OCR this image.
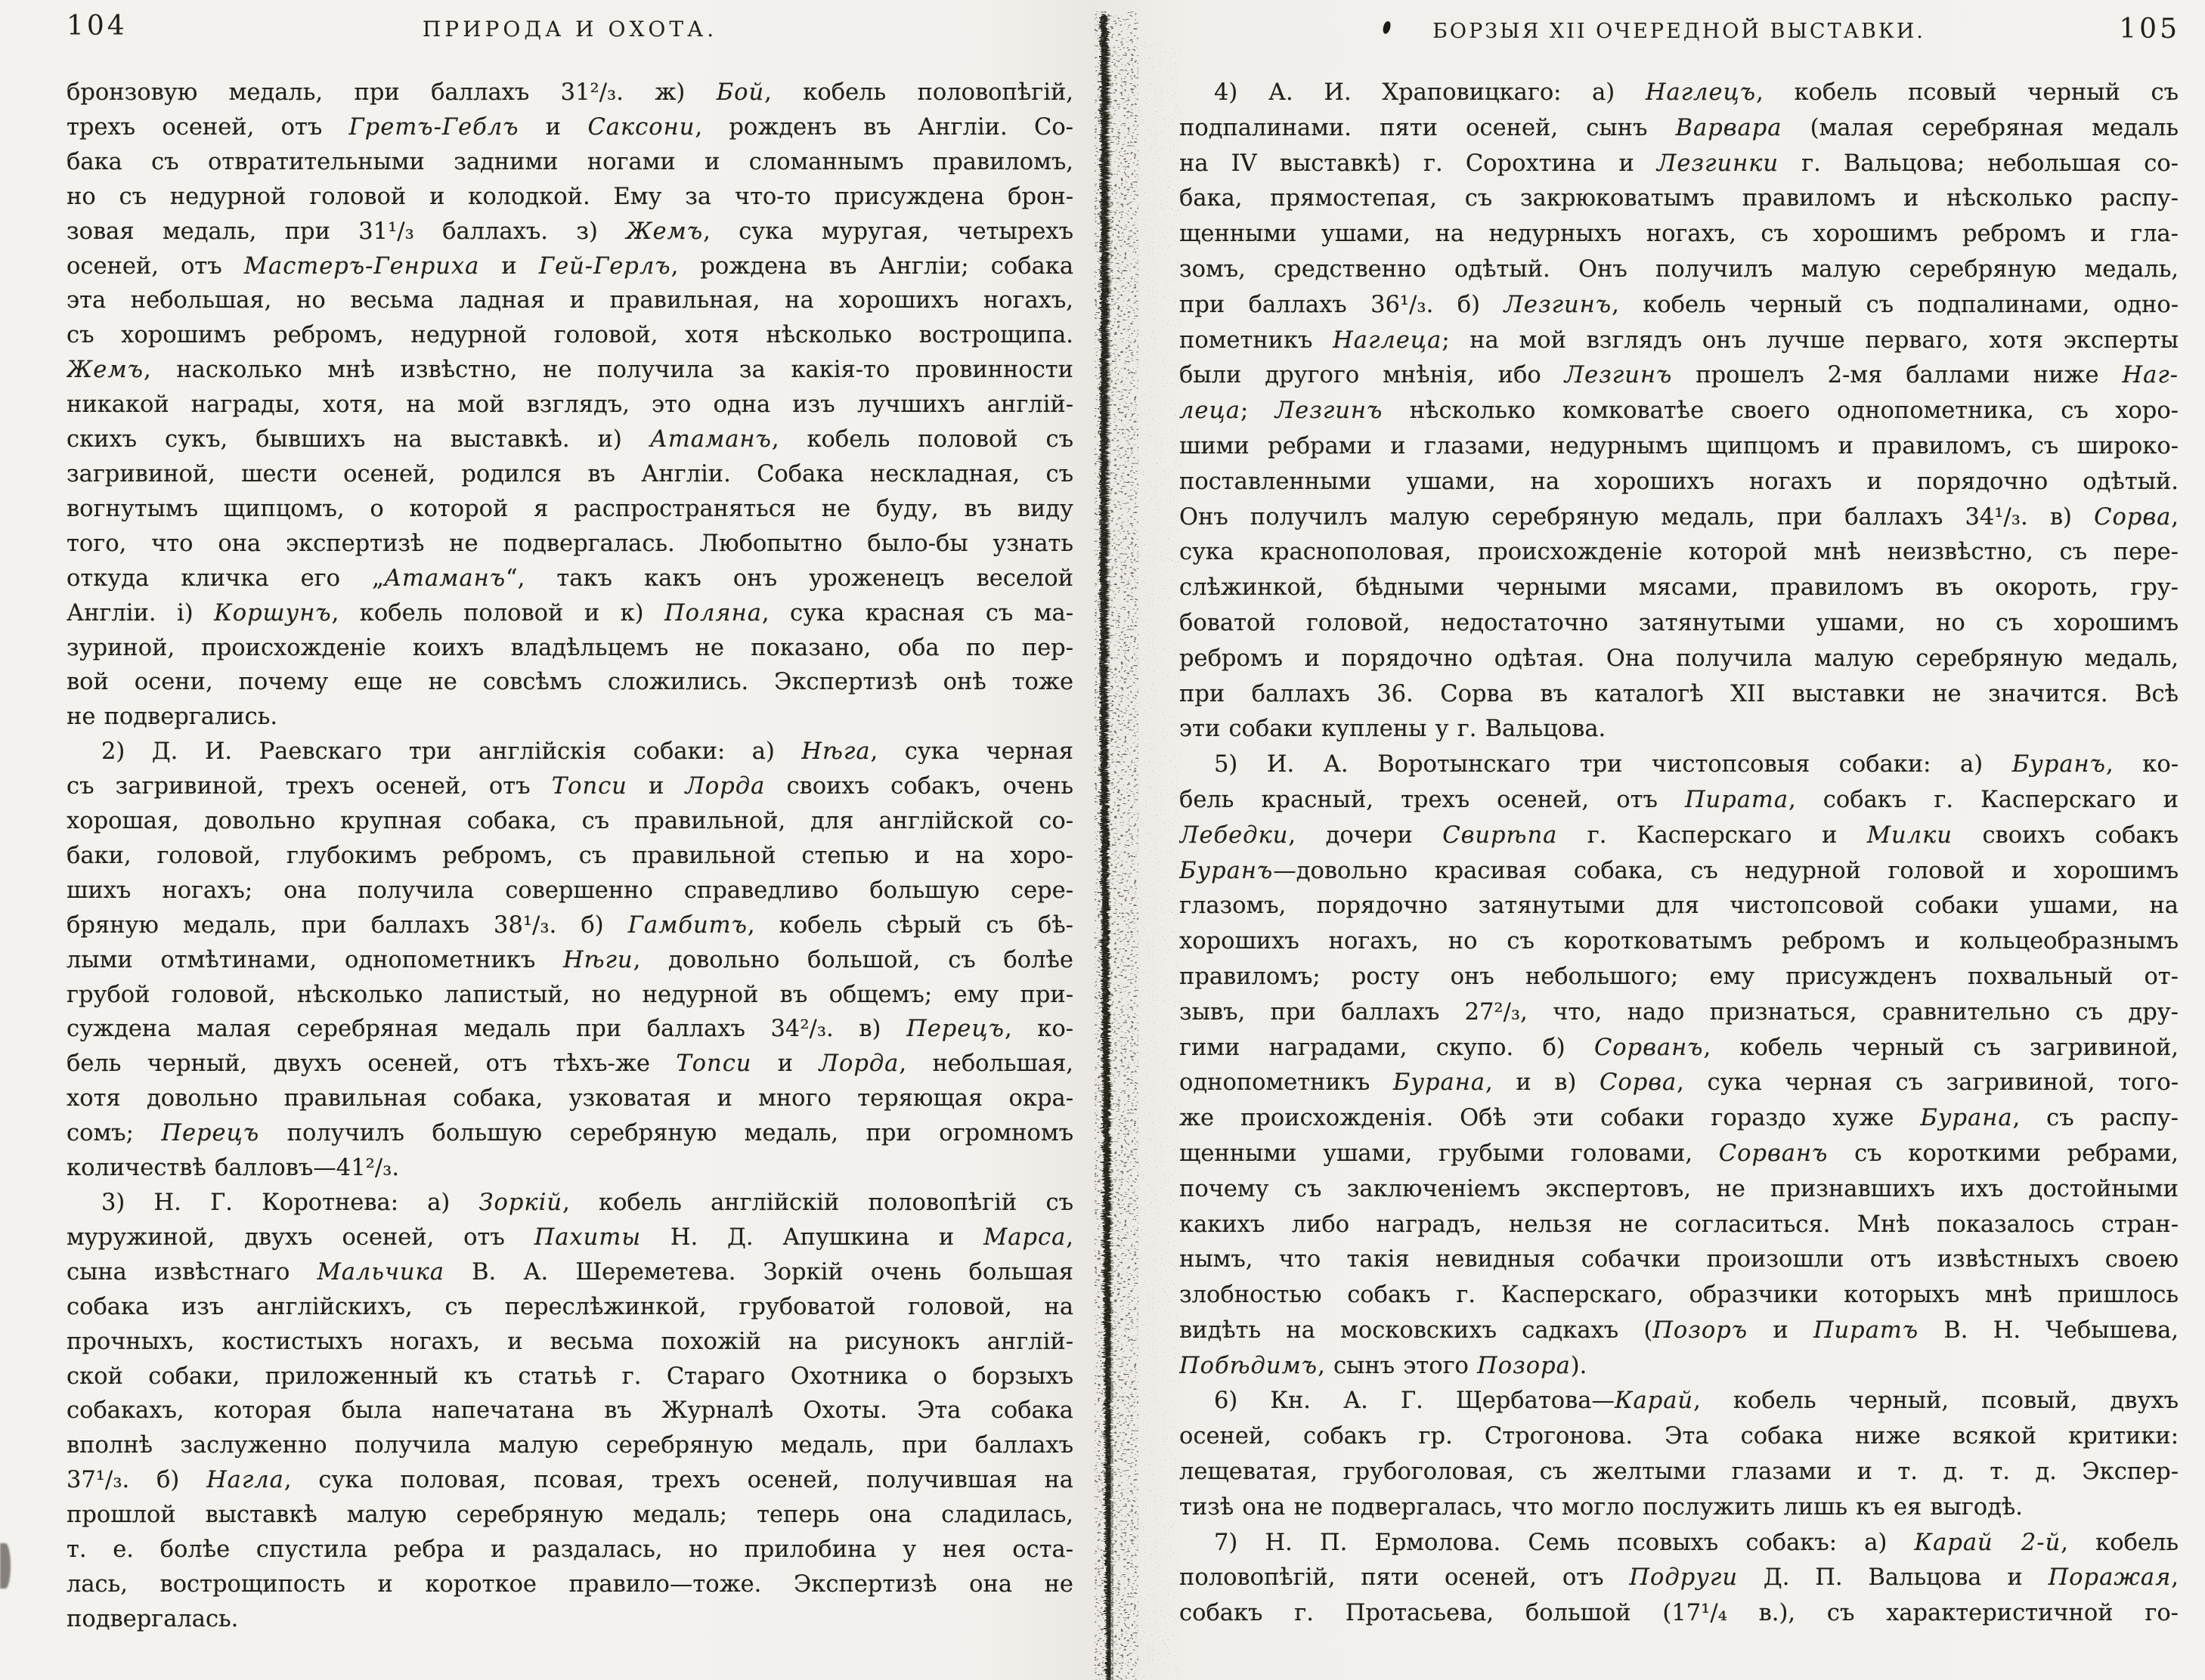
104	ПРИРОДА И ОХОТА.	БОРЗЫЯ XII ОЧЕРЕДНОЙ ВЫСТАВКИ.	105
бронзовую медаль, при баллахъ 31²/₃. ж) Бой, кобель половопѣгій,
трехъ осеней, отъ Гретъ-Геблъ и Саксони, рожденъ въ Англіи. Со-
бака съ отвратительными задними ногами и сломаннымъ правиломъ,
но съ недурной головой и колодкой. Ему за что-то присуждена брон-
зовая медаль, при 31¹/₃ баллахъ. з) Жемъ, сука муругая, четырехъ
осеней, отъ Мастеръ-Генриха и Гей-Герлъ, рождена въ Англіи; собака
эта небольшая, но весьма ладная и правильная, на хорошихъ ногахъ,
съ хорошимъ ребромъ, недурной головой, хотя нѣсколько вострощипа.
Жемъ, насколько мнѣ извѣстно, не получила за какія-то провинности
никакой награды, хотя, на мой взглядъ, это одна изъ лучшихъ англій-
скихъ сукъ, бывшихъ на выставкѣ. и) Атаманъ, кобель половой съ
загривиной, шести осеней, родился въ Англіи. Собака нескладная, съ
вогнутымъ щипцомъ, о которой я распространяться не буду, въ виду
того, что она экспертизѣ не подвергалась. Любопытно было-бы узнать
откуда кличка его „Атаманъ“, такъ какъ онъ уроженецъ веселой
Англіи. і) Коршунъ, кобель половой и к) Поляна, сука красная съ ма-
зуриной, происхожденіе коихъ владѣльцемъ не показано, оба по пер-
вой осени, почему еще не совсѣмъ сложились. Экспертизѣ онѣ тоже
не подвергались.
2) Д. И. Раевскаго три англійскія собаки: а) Нѣга, сука черная
съ загривиной, трехъ осеней, отъ Топси и Лорда своихъ собакъ, очень
хорошая, довольно крупная собака, съ правильной, для англійской со-
баки, головой, глубокимъ ребромъ, съ правильной степью и на хоро-
шихъ ногахъ; она получила совершенно справедливо большую сере-
бряную медаль, при баллахъ 38¹/₃. б) Гамбитъ, кобель сѣрый съ бѣ-
лыми отмѣтинами, однопометникъ Нѣги, довольно большой, съ болѣе
грубой головой, нѣсколько лапистый, но недурной въ общемъ; ему при-
суждена малая серебряная медаль при баллахъ 34²/₃. в) Перецъ, ко-
бель черный, двухъ осеней, отъ тѣхъ-же Топси и Лорда, небольшая,
хотя довольно правильная собака, узковатая и много теряющая окра-
сомъ; Перецъ получилъ большую серебряную медаль, при огромномъ
количествѣ балловъ—41²/₃.
3) Н. Г. Коротнева: а) Зоркій, кобель англійскій половопѣгій съ
муружиной, двухъ осеней, отъ Пахиты Н. Д. Апушкина и Марса,
сына извѣстнаго Мальчика В. А. Шереметева. Зоркій очень большая
собака изъ англійскихъ, съ переслѣжинкой, грубоватой головой, на
прочныхъ, костистыхъ ногахъ, и весьма похожій на рисунокъ англій-
ской собаки, приложенный къ статьѣ г. Стараго Охотника о борзыхъ
собакахъ, которая была напечатана въ Журналѣ Охоты. Эта собака
вполнѣ заслуженно получила малую серебряную медаль, при баллахъ
37¹/₃. б) Нагла, сука половая, псовая, трехъ осеней, получившая на
прошлой выставкѣ малую серебряную медаль; теперь она сладилась,
т. е. болѣе спустила ребра и раздалась, но прилобина у нея оста-
лась, вострощипость и короткое правило—тоже. Экспертизѣ она не
подвергалась.
4) А. И. Храповицкаго: а) Наглецъ, кобель псовый черный съ
подпалинами. пяти осеней, сынъ Варвара (малая серебряная медаль
на IV выставкѣ) г. Сорохтина и Лезгинки г. Вальцова; небольшая со-
бака, прямостепая, съ закрюковатымъ правиломъ и нѣсколько распу-
щенными ушами, на недурныхъ ногахъ, съ хорошимъ ребромъ и гла-
зомъ, средственно одѣтый. Онъ получилъ малую серебряную медаль,
при баллахъ 36¹/₃. б) Лезгинъ, кобель черный съ подпалинами, одно-
пометникъ Наглеца; на мой взглядъ онъ лучше перваго, хотя эксперты
были другого мнѣнія, ибо Лезгинъ прошелъ 2-мя баллами ниже Наг-
леца; Лезгинъ нѣсколько комковатѣе своего однопометника, съ хоро-
шими ребрами и глазами, недурнымъ щипцомъ и правиломъ, съ широко-
поставленными ушами, на хорошихъ ногахъ и порядочно одѣтый.
Онъ получилъ малую серебряную медаль, при баллахъ 34¹/₃. в) Сорва,
сука краснополовая, происхожденіе которой мнѣ неизвѣстно, съ пере-
слѣжинкой, бѣдными черными мясами, правиломъ въ окороть, гру-
боватой головой, недостаточно затянутыми ушами, но съ хорошимъ
ребромъ и порядочно одѣтая. Она получила малую серебряную медаль,
при баллахъ 36. Сорва въ каталогѣ XII выставки не значится. Всѣ
эти собаки куплены у г. Вальцова.
5) И. А. Воротынскаго три чистопсовыя собаки: а) Буранъ, ко-
бель красный, трехъ осеней, отъ Пирата, собакъ г. Касперскаго и
Лебедки, дочери Свирѣпа г. Касперскаго и Милки своихъ собакъ
Буранъ—довольно красивая собака, съ недурной головой и хорошимъ
глазомъ, порядочно затянутыми для чистопсовой собаки ушами, на
хорошихъ ногахъ, но съ коротковатымъ ребромъ и кольцеобразнымъ
правиломъ; росту онъ небольшого; ему присужденъ похвальный от-
зывъ, при баллахъ 27²/₃, что, надо признаться, сравнительно съ дру-
гими наградами, скупо. б) Сорванъ, кобель черный съ загривиной,
однопометникъ Бурана, и в) Сорва, сука черная съ загривиной, того-
же происхожденія. Обѣ эти собаки гораздо хуже Бурана, съ распу-
щенными ушами, грубыми головами, Сорванъ съ короткими ребрами,
почему съ заключеніемъ экспертовъ, не признавшихъ ихъ достойными
какихъ либо наградъ, нельзя не согласиться. Мнѣ показалось стран-
нымъ, что такія невидныя собачки произошли отъ извѣстныхъ своею
злобностью собакъ г. Касперскаго, образчики которыхъ мнѣ пришлось
видѣть на московскихъ садкахъ (Позоръ и Пиратъ В. Н. Чебышева,
Побѣдимъ, сынъ этого Позора).
6) Кн. А. Г. Щербатова—Карай, кобель черный, псовый, двухъ
осеней, собакъ гр. Строгонова. Эта собака ниже всякой критики:
лещеватая, грубоголовая, съ желтыми глазами и т. д. т. д. Экспер-
тизѣ она не подвергалась, что могло послужить лишь къ ея выгодѣ.
7) Н. П. Ермолова. Семь псовыхъ собакъ: а) Карай 2-й, кобель
половопѣгій, пяти осеней, отъ Подруги Д. П. Вальцова и Поражая,
собакъ г. Протасьева, большой (17¹/₄ в.), съ характеристичной го-
